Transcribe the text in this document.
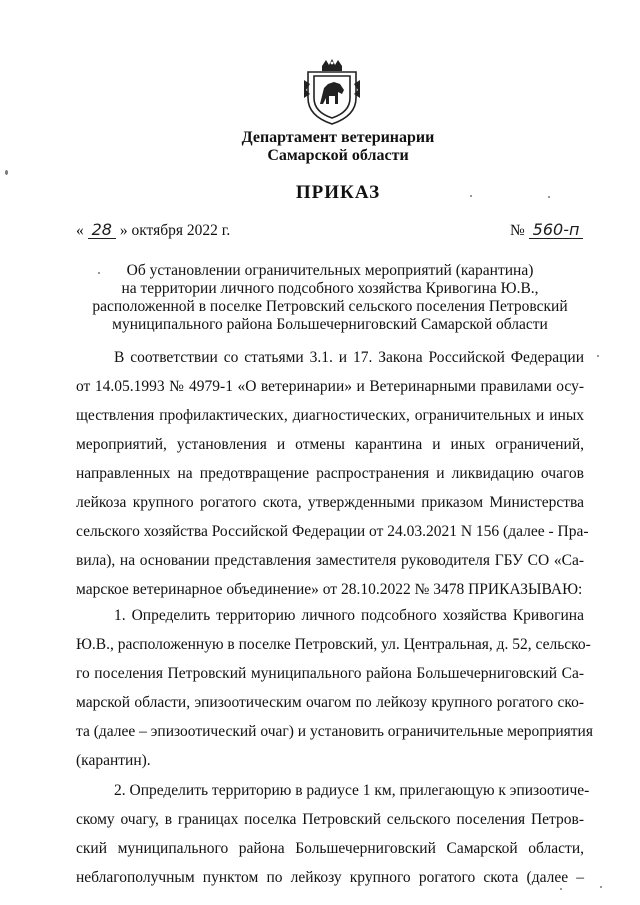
Департамент ветеринарии
Самарской области
ПРИКАЗ
« 28 » октября 2022 г.	№ 560-п
Об установлении ограничительных мероприятий (карантина)
на территории личного подсобного хозяйства Кривогина Ю.В.,
расположенной в поселке Петровский сельского поселения Петровский
муниципального района Большечерниговский Самарской области
В соответствии со статьями 3.1. и 17. Закона Российской Федерации
от 14.05.1993 № 4979-1 «О ветеринарии» и Ветеринарными правилами осу-
ществления профилактических, диагностических, ограничительных и иных
мероприятий, установления и отмены карантина и иных ограничений,
направленных на предотвращение распространения и ликвидацию очагов
лейкоза крупного рогатого скота, утвержденными приказом Министерства
сельского хозяйства Российской Федерации от 24.03.2021 N 156 (далее - Пра-
вила), на основании представления заместителя руководителя ГБУ СО «Са-
марское ветеринарное объединение» от 28.10.2022 № 3478 ПРИКАЗЫВАЮ:
1. Определить территорию личного подсобного хозяйства Кривогина
Ю.В., расположенную в поселке Петровский, ул. Центральная, д. 52, сельско-
го поселения Петровский муниципального района Большечерниговский Са-
марской области, эпизоотическим очагом по лейкозу крупного рогатого ско-
та (далее – эпизоотический очаг) и установить ограничительные мероприятия
(карантин).
2. Определить территорию в радиусе 1 км, прилегающую к эпизоотиче-
скому очагу, в границах поселка Петровский сельского поселения Петров-
ский муниципального района Большечерниговский Самарской области,
неблагополучным пунктом по лейкозу крупного рогатого скота (далее –
